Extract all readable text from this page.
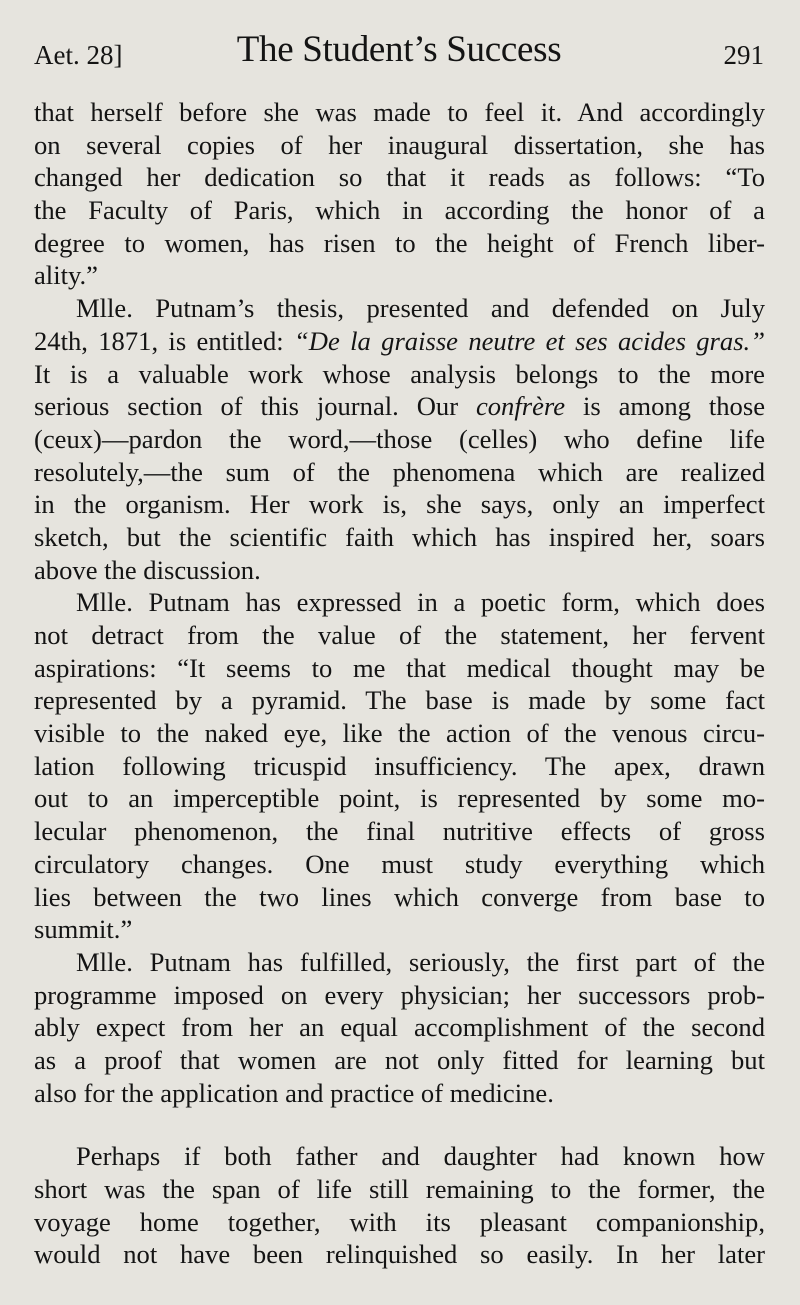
Aet. 28]	The Student’s Success	291
that herself before she was made to feel it. And accordingly
on several copies of her inaugural dissertation, she has
changed her dedication so that it reads as follows: “To
the Faculty of Paris, which in according the honor of a
degree to women, has risen to the height of French liber-
ality.”
Mlle. Putnam’s thesis, presented and defended on July
24th, 1871, is entitled: “De la graisse neutre et ses acides gras.”
It is a valuable work whose analysis belongs to the more
serious section of this journal. Our confrère is among those
(ceux)—pardon the word,—those (celles) who define life
resolutely,—the sum of the phenomena which are realized
in the organism. Her work is, she says, only an imperfect
sketch, but the scientific faith which has inspired her, soars
above the discussion.
Mlle. Putnam has expressed in a poetic form, which does
not detract from the value of the statement, her fervent
aspirations: “It seems to me that medical thought may be
represented by a pyramid. The base is made by some fact
visible to the naked eye, like the action of the venous circu-
lation following tricuspid insufficiency. The apex, drawn
out to an imperceptible point, is represented by some mo-
lecular phenomenon, the final nutritive effects of gross
circulatory changes. One must study everything which
lies between the two lines which converge from base to
summit.”
Mlle. Putnam has fulfilled, seriously, the first part of the
programme imposed on every physician; her successors prob-
ably expect from her an equal accomplishment of the second
as a proof that women are not only fitted for learning but
also for the application and practice of medicine.
Perhaps if both father and daughter had known how
short was the span of life still remaining to the former, the
voyage home together, with its pleasant companionship,
would not have been relinquished so easily. In her later
